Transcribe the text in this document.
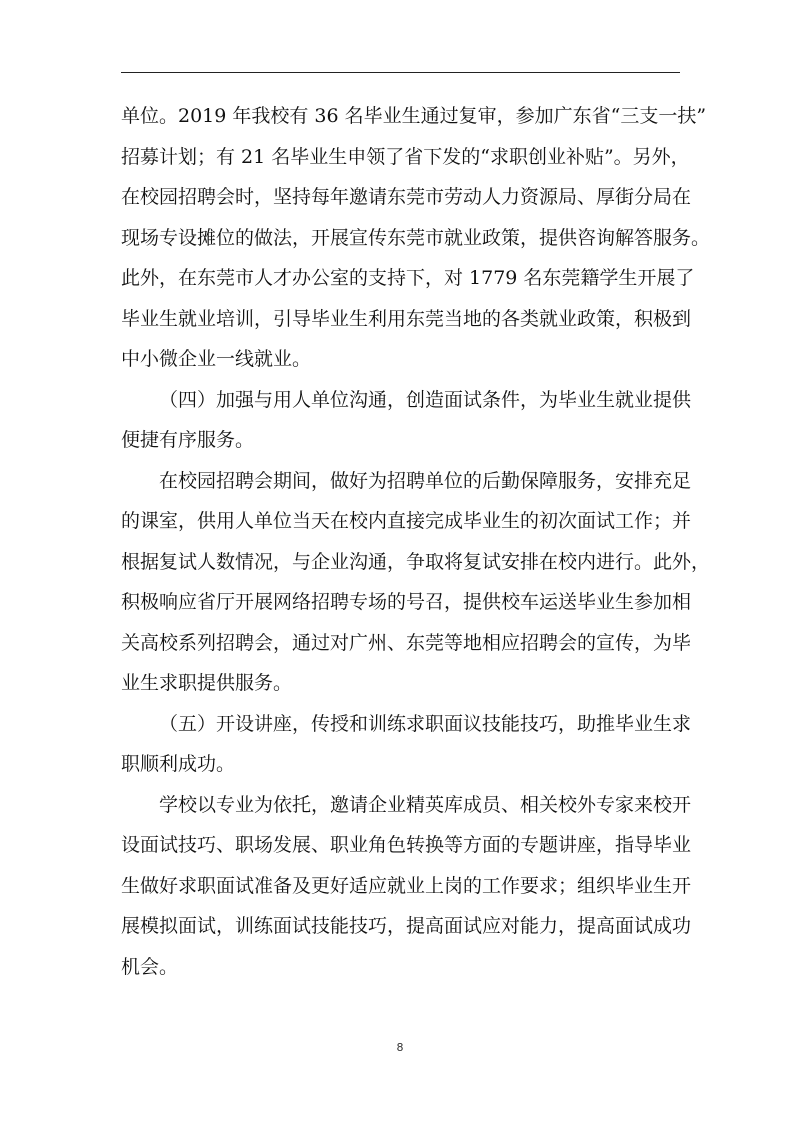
单位。2019 年我校有 36 名毕业生通过复审，参加广东省“三支一扶”
招募计划；有 21 名毕业生申领了省下发的“求职创业补贴”。另外，
在校园招聘会时，坚持每年邀请东莞市劳动人力资源局、厚街分局在
现场专设摊位的做法，开展宣传东莞市就业政策，提供咨询解答服务。
此外，在东莞市人才办公室的支持下，对 1779 名东莞籍学生开展了
毕业生就业培训，引导毕业生利用东莞当地的各类就业政策，积极到
中小微企业一线就业。
（四）加强与用人单位沟通，创造面试条件，为毕业生就业提供
便捷有序服务。
在校园招聘会期间，做好为招聘单位的后勤保障服务，安排充足
的课室，供用人单位当天在校内直接完成毕业生的初次面试工作；并
根据复试人数情况，与企业沟通，争取将复试安排在校内进行。此外，
积极响应省厅开展网络招聘专场的号召，提供校车运送毕业生参加相
关高校系列招聘会，通过对广州、东莞等地相应招聘会的宣传，为毕
业生求职提供服务。
（五）开设讲座，传授和训练求职面议技能技巧，助推毕业生求
职顺利成功。
学校以专业为依托，邀请企业精英库成员、相关校外专家来校开
设面试技巧、职场发展、职业角色转换等方面的专题讲座，指导毕业
生做好求职面试准备及更好适应就业上岗的工作要求；组织毕业生开
展模拟面试，训练面试技能技巧，提高面试应对能力，提高面试成功
机会。
8
